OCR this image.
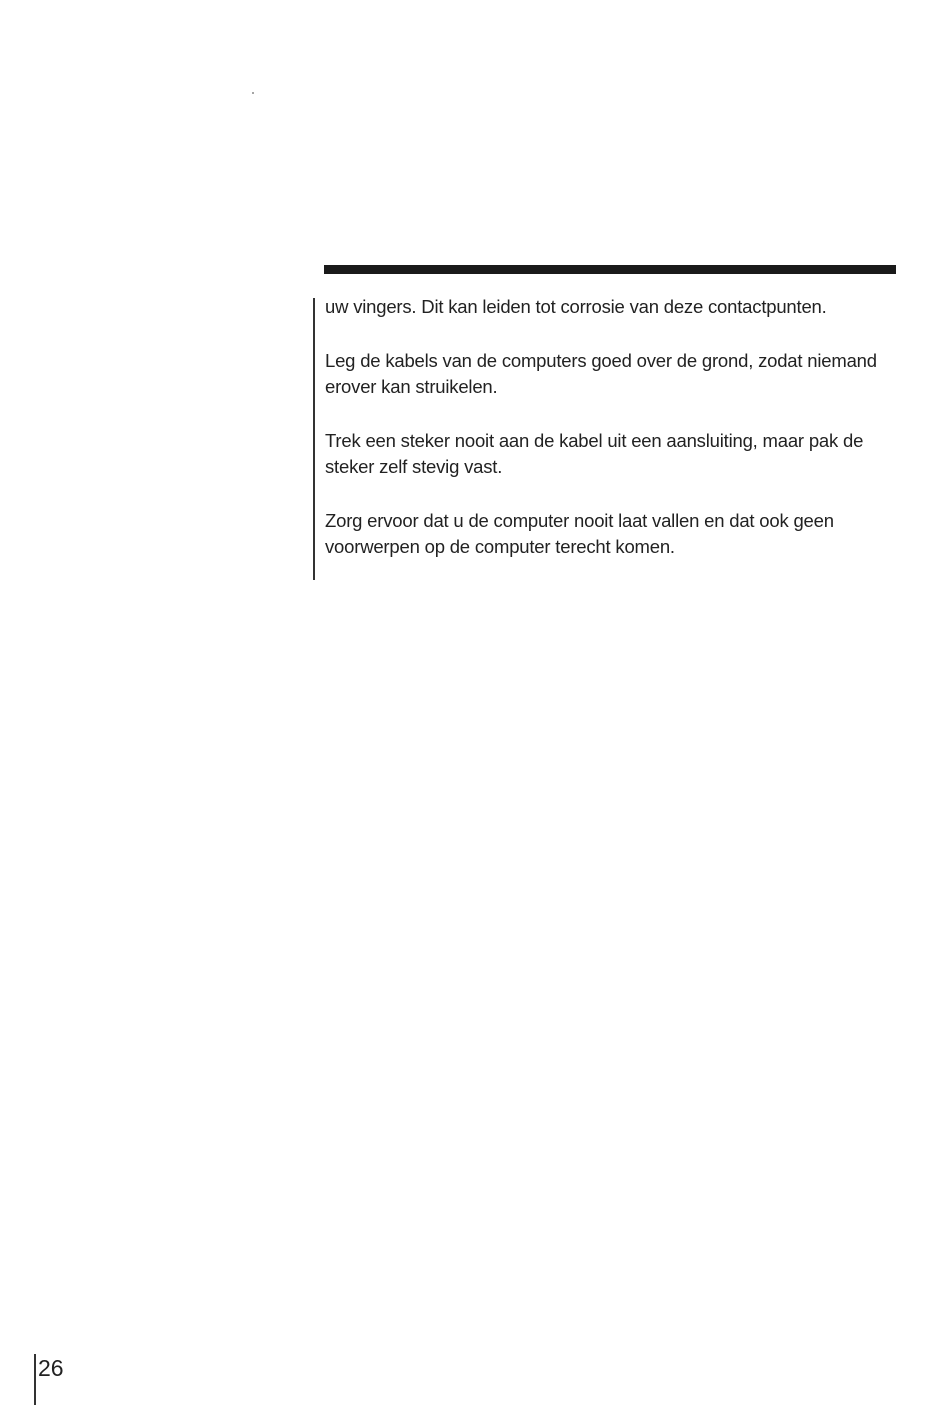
uw vingers. Dit kan leiden tot corrosie van deze contactpunten.

Leg de kabels van de computers goed over de grond, zodat niemand erover kan struikelen.

Trek een steker nooit aan de kabel uit een aansluiting, maar pak de steker zelf stevig vast.

Zorg ervoor dat u de computer nooit laat vallen en dat ook geen voorwerpen op de computer terecht komen.

26
